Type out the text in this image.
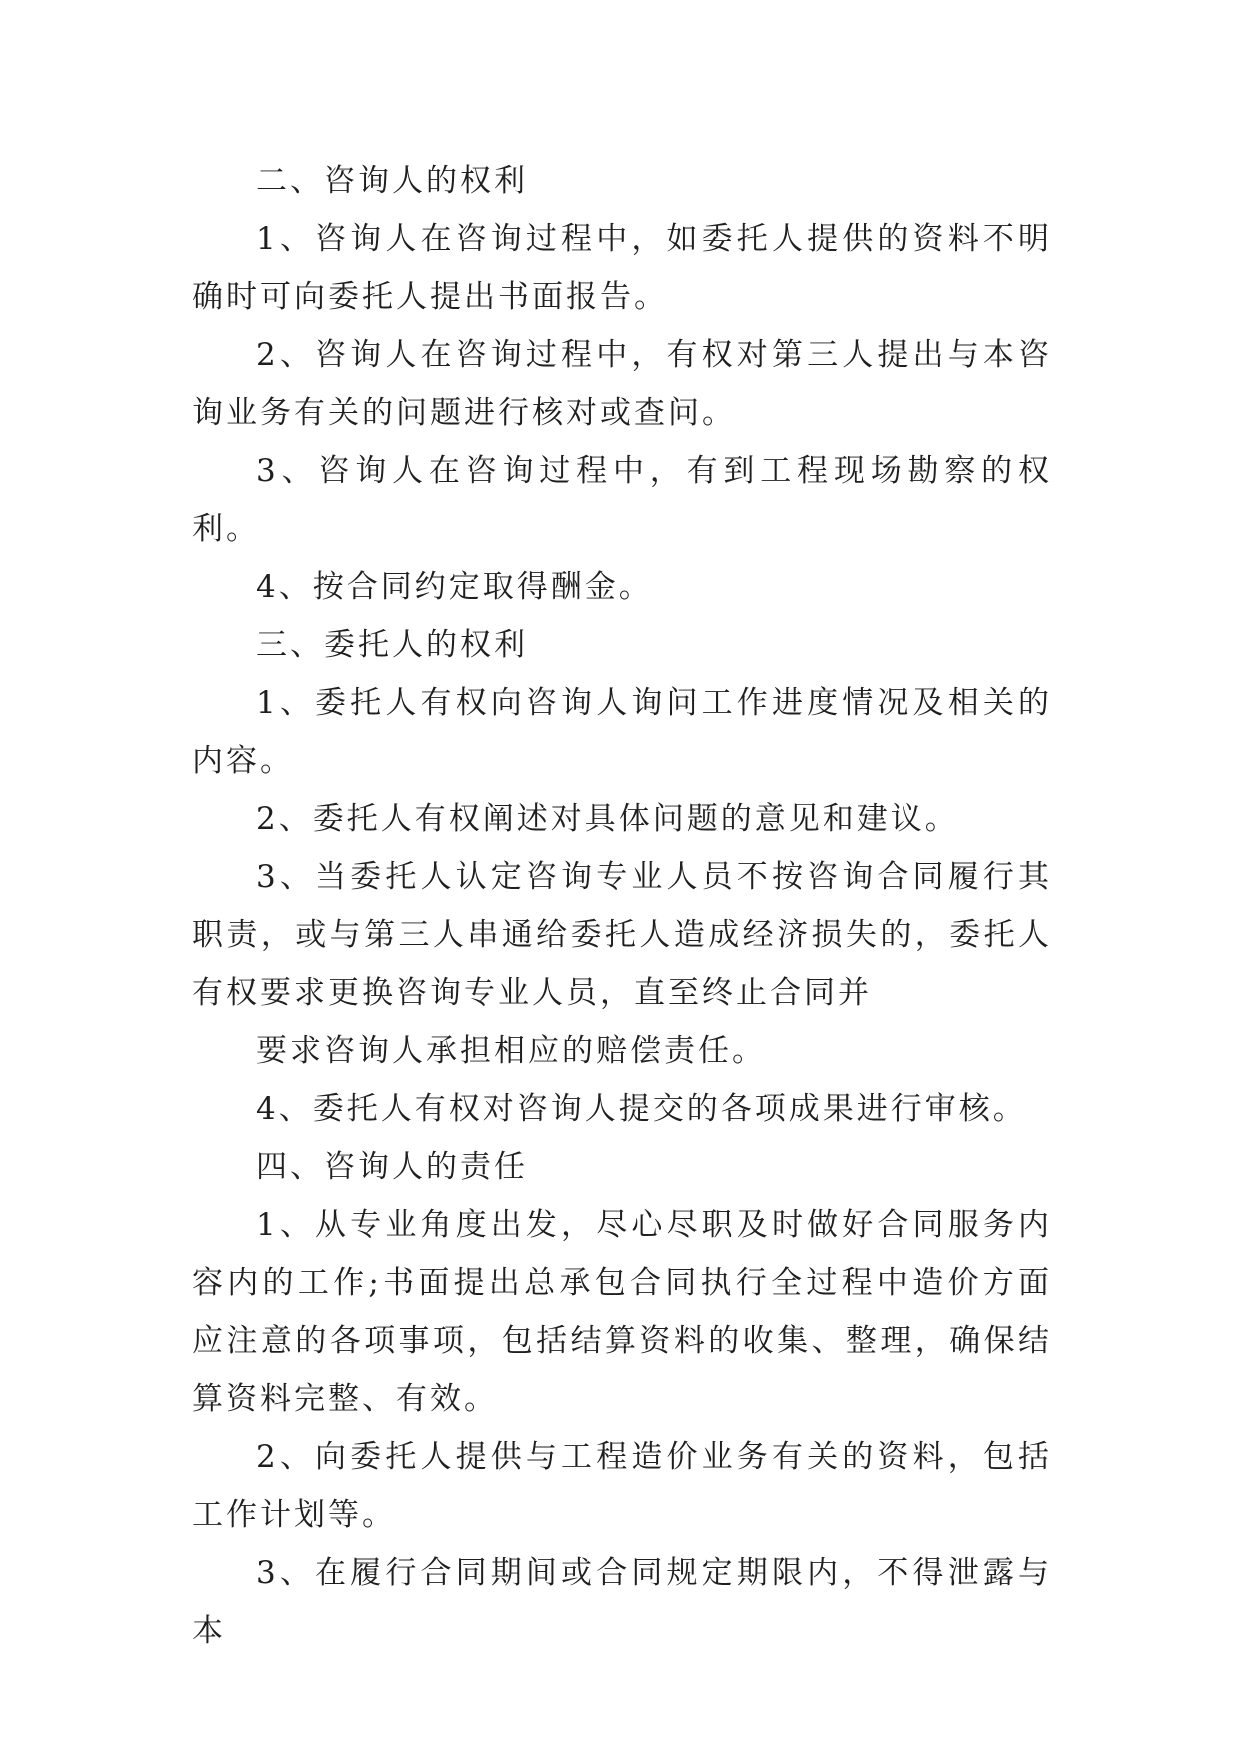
二、咨询人的权利

1、咨询人在咨询过程中，如委托人提供的资料不明确时可向委托人提出书面报告。

2、咨询人在咨询过程中，有权对第三人提出与本咨询业务有关的问题进行核对或查问。

3、咨询人在咨询过程中，有到工程现场勘察的权利。

4、按合同约定取得酬金。

三、委托人的权利

1、委托人有权向咨询人询问工作进度情况及相关的内容。

2、委托人有权阐述对具体问题的意见和建议。

3、当委托人认定咨询专业人员不按咨询合同履行其职责，或与第三人串通给委托人造成经济损失的，委托人有权要求更换咨询专业人员，直至终止合同并

要求咨询人承担相应的赔偿责任。

4、委托人有权对咨询人提交的各项成果进行审核。

四、咨询人的责任

1、从专业角度出发，尽心尽职及时做好合同服务内容内的工作;书面提出总承包合同执行全过程中造价方面应注意的各项事项，包括结算资料的收集、整理，确保结算资料完整、有效。

2、向委托人提供与工程造价业务有关的资料，包括工作计划等。

3、在履行合同期间或合同规定期限内，不得泄露与本
